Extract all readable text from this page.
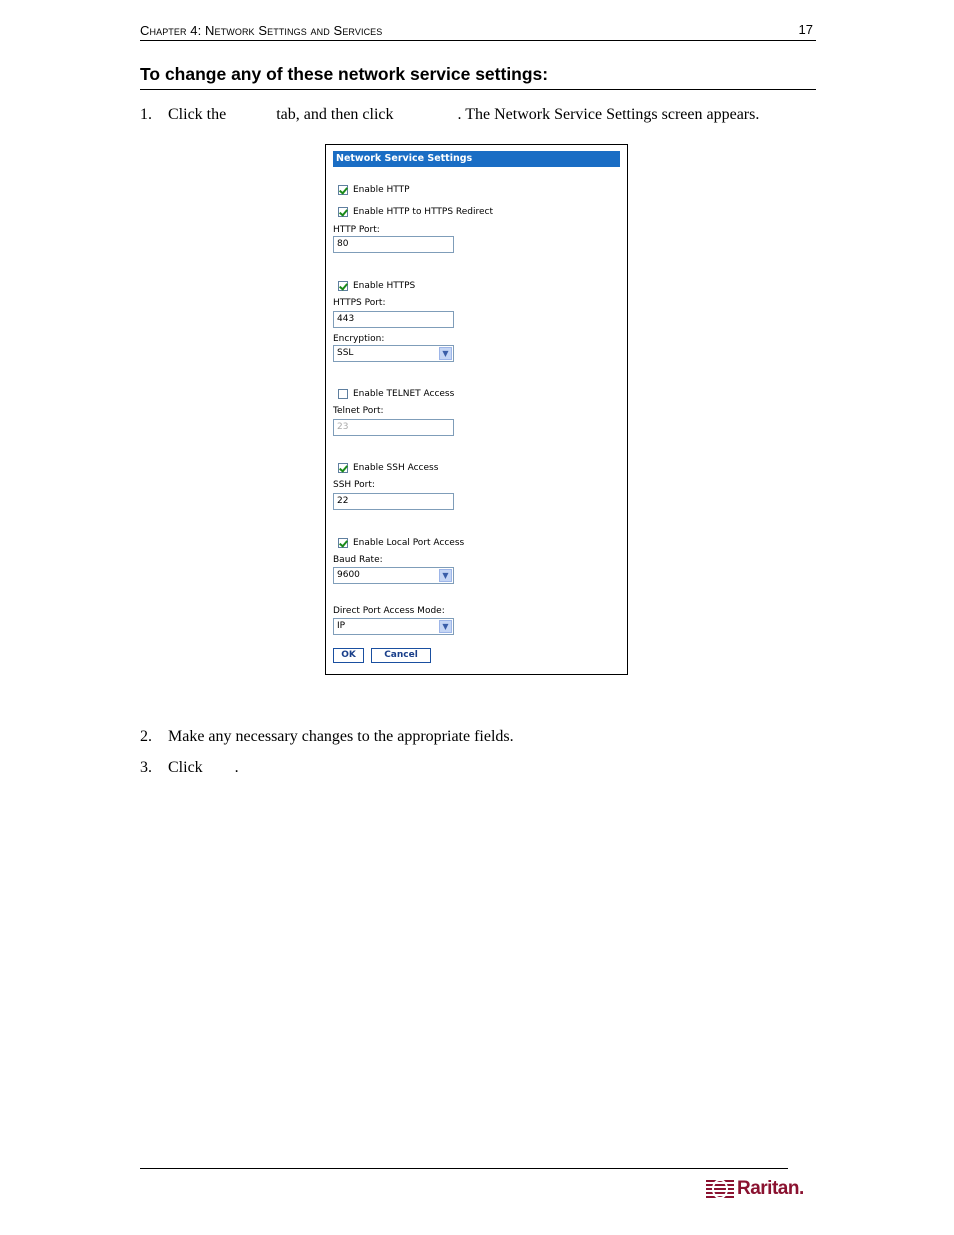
Chapter 4: Network Settings and Services	17
To change any of these network service settings:
1. Click the	tab, and then click	. The Network Service Settings screen appears.
Network Service Settings
Enable HTTP
Enable HTTP to HTTPS Redirect
HTTP Port:
80
Enable HTTPS
HTTPS Port:
443
Encryption:
SSL	▼
Enable TELNET Access
Telnet Port:
23
Enable SSH Access
SSH Port:
22
Enable Local Port Access
Baud Rate:
9600	▼
Direct Port Access Mode:
IP	▼
OK	Cancel
2. Make any necessary changes to the appropriate fields.
3. Click .
Raritan.
